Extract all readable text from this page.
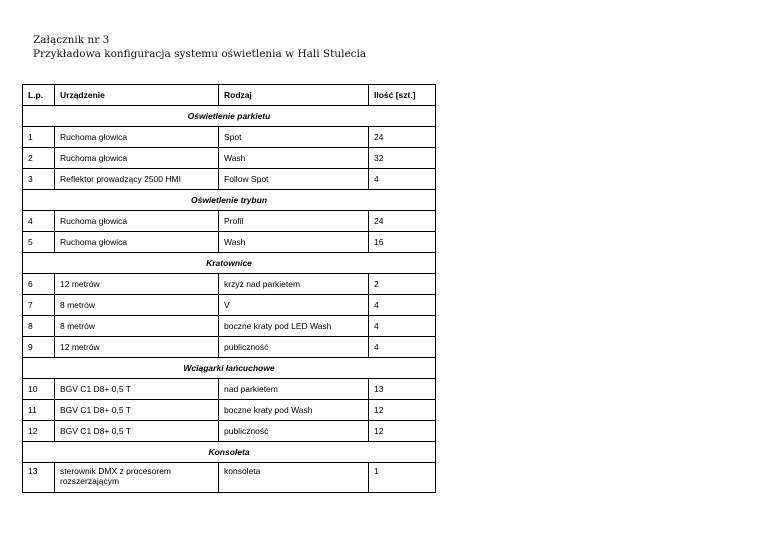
Załącznik nr 3
Przykładowa konfiguracja systemu oświetlenia w Hali Stulecia
L.p.	Urządzenie	Rodzaj	Ilość [szt.]
Oświetlenie parkietu			
1	Ruchoma głowica	Spot	24
2	Ruchoma głowica	Wash	32
3	Reflektor prowadzący 2500 HMI	Follow Spot	4
Oświetlenie trybun			
4	Ruchoma głowica	Profil	24
5	Ruchoma głowica	Wash	16
Kratownice			
6	12 metrów	krzyż nad parkietem	2
7	8 metrów	V	4
8	8 metrów	boczne kraty pod LED Wash	4
9	12 metrów	publiczność	4
Wciągarki łańcuchowe			
10	BGV C1 D8+ 0,5 T	nad parkietem	13
11	BGV C1 D8+ 0,5 T	boczne kraty pod Wash	12
12	BGV C1 D8+ 0,5 T	publiczność	12
Konsoleta			
13	sterownik DMX z procesorem rozszerzającym	konsoleta	1
